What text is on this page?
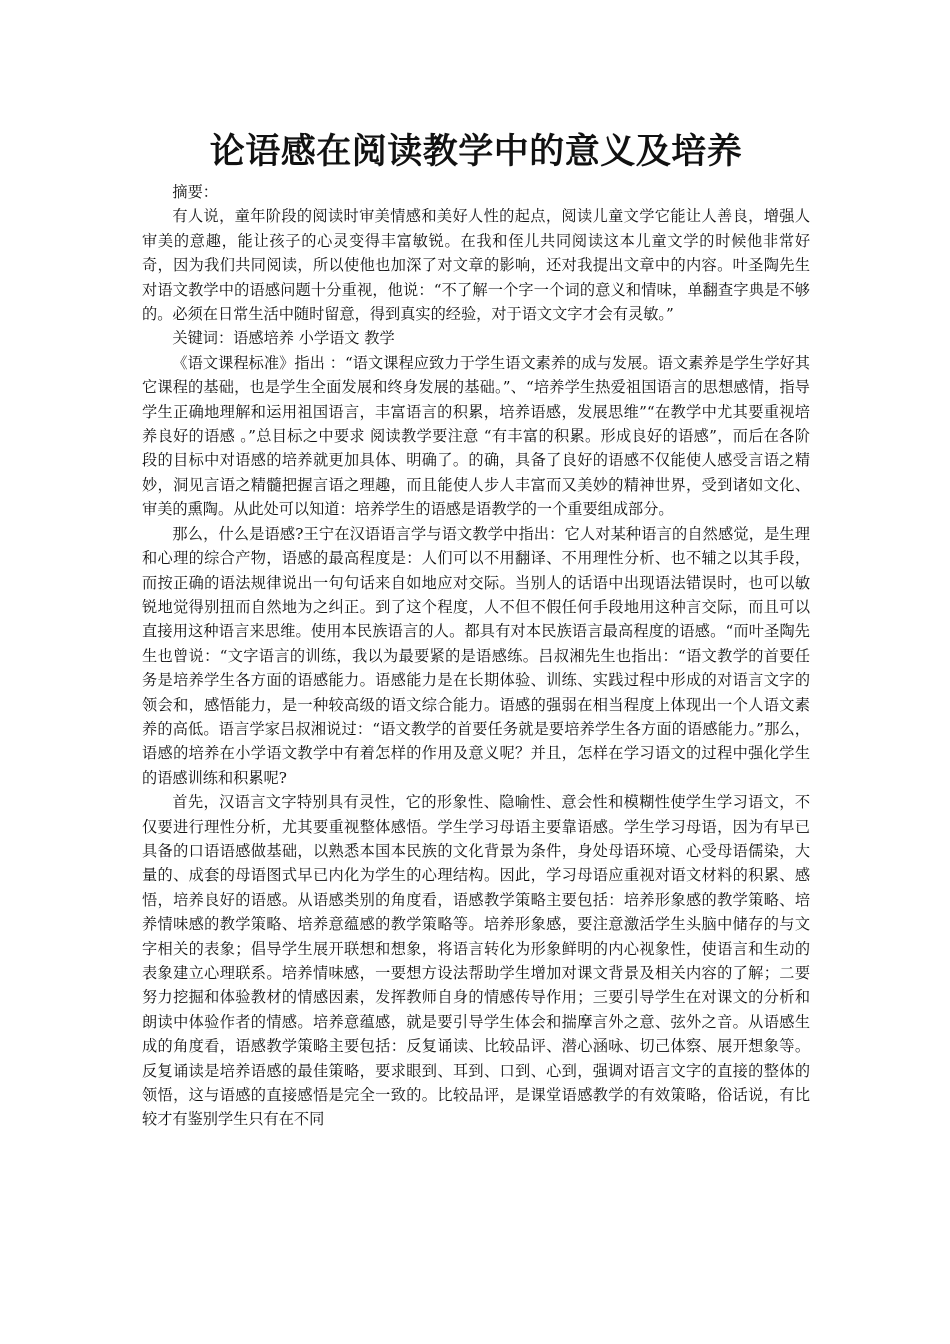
论语感在阅读教学中的意义及培养

摘要：

有人说，童年阶段的阅读时审美情感和美好人性的起点，阅读儿童文学它能让人善良，增强人审美的意趣，能让孩子的心灵变得丰富敏锐。在我和侄儿共同阅读这本儿童文学的时候他非常好奇，因为我们共同阅读，所以使他也加深了对文章的影响，还对我提出文章中的内容。叶圣陶先生对语文教学中的语感问题十分重视，他说：“不了解一个字一个词的意义和情味，单翻查字典是不够的。必须在日常生活中随时留意，得到真实的经验，对于语文文字才会有灵敏。”

关键词：语感培养 小学语文 教学

《语文课程标准》指出 ：“语文课程应致力于学生语文素养的成与发展。语文素养是学生学好其它课程的基础，也是学生全面发展和终身发展的基础。”、“培养学生热爱祖国语言的思想感情，指导学生正确地理解和运用祖国语言，丰富语言的积累，培养语感，发展思维”“在教学中尤其要重视培养良好的语感 。”总目标之中要求 阅读教学要注意 “有丰富的积累。形成良好的语感”，而后在各阶段的目标中对语感的培养就更加具体、明确了。的确，具备了良好的语感不仅能使人感受言语之精妙，洞见言语之精髓把握言语之理趣，而且能使人步人丰富而又美妙的精神世界，受到诸如文化、审美的熏陶。从此处可以知道：培养学生的语感是语教学的一个重要组成部分。

那么，什么是语感?王宁在汉语语言学与语文教学中指出：它人对某种语言的自然感觉，是生理和心理的综合产物，语感的最高程度是：人们可以不用翻译、不用理性分析、也不辅之以其手段，而按正确的语法规律说出一句句话来自如地应对交际。当别人的话语中出现语法错误时，也可以敏锐地觉得别扭而自然地为之纠正。到了这个程度，人不但不假任何手段地用这种言交际，而且可以直接用这种语言来思维。使用本民族语言的人。都具有对本民族语言最高程度的语感。“而叶圣陶先生也曾说：“文字语言的训练，我以为最要紧的是语感练。吕叔湘先生也指出：“语文教学的首要任务是培养学生各方面的语感能力。语感能力是在长期体验、训练、实践过程中形成的对语言文字的领会和，感悟能力，是一种较高级的语文综合能力。语感的强弱在相当程度上体现出一个人语文素养的高低。语言学家吕叔湘说过：“语文教学的首要任务就是要培养学生各方面的语感能力。”那么，语感的培养在小学语文教学中有着怎样的作用及意义呢？并且，怎样在学习语文的过程中强化学生的语感训练和积累呢?

首先，汉语言文字特别具有灵性，它的形象性、隐喻性、意会性和模糊性使学生学习语文，不仅要进行理性分析，尤其要重视整体感悟。学生学习母语主要靠语感。学生学习母语，因为有早已具备的口语语感做基础，以熟悉本国本民族的文化背景为条件，身处母语环境、心受母语儒染，大量的、成套的母语图式早已内化为学生的心理结构。因此，学习母语应重视对语文材料的积累、感悟，培养良好的语感。从语感类别的角度看，语感教学策略主要包括：培养形象感的教学策略、培养情味感的教学策略、培养意蕴感的教学策略等。培养形象感，要注意激活学生头脑中储存的与文字相关的表象；倡导学生展开联想和想象，将语言转化为形象鲜明的内心视象性，使语言和生动的表象建立心理联系。培养情味感，一要想方设法帮助学生增加对课文背景及相关内容的了解；二要努力挖掘和体验教材的情感因素，发挥教师自身的情感传导作用；三要引导学生在对课文的分析和朗读中体验作者的情感。培养意蕴感，就是要引导学生体会和揣摩言外之意、弦外之音。从语感生成的角度看，语感教学策略主要包括：反复诵读、比较品评、潜心涵咏、切己体察、展开想象等。反复诵读是培养语感的最佳策略，要求眼到、耳到、口到、心到，强调对语言文字的直接的整体的领悟，这与语感的直接感悟是完全一致的。比较品评，是课堂语感教学的有效策略，俗话说，有比较才有鉴别学生只有在不同
